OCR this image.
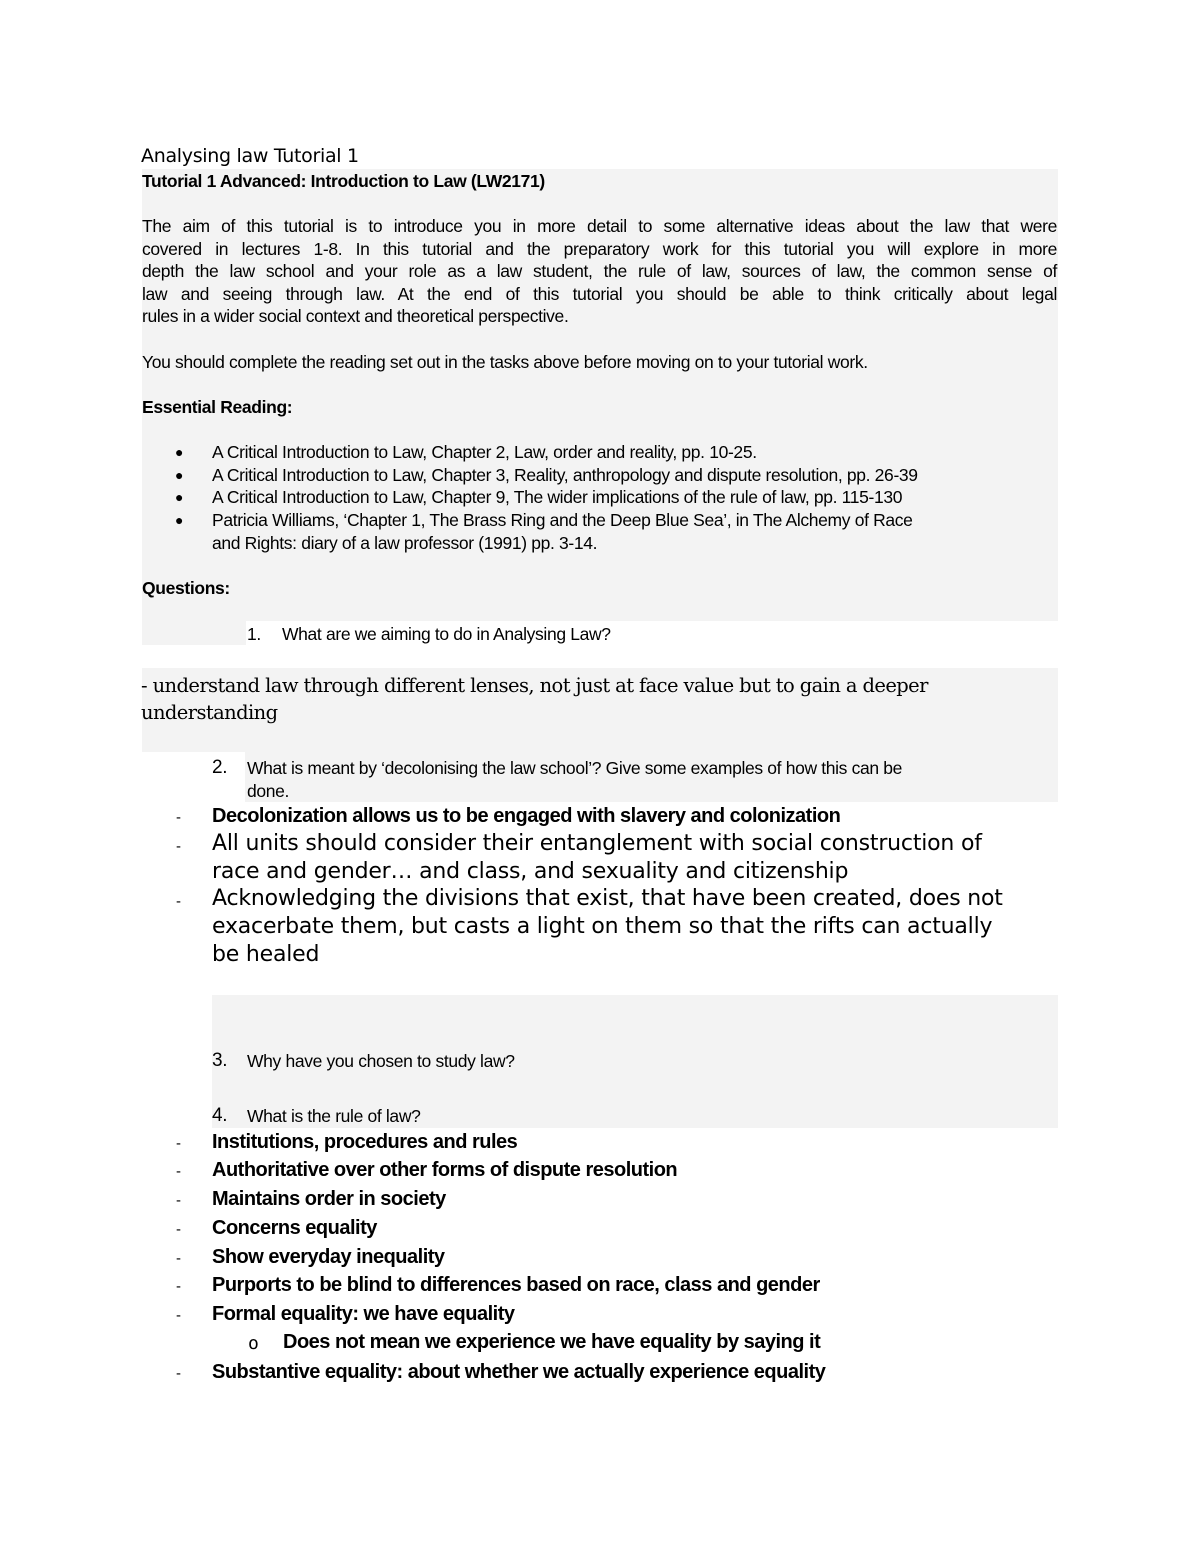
Analysing law Tutorial 1
Tutorial 1 Advanced: Introduction to Law (LW2171)
The aim of this tutorial is to introduce you in more detail to some alternative ideas about the law that were
covered in lectures 1-8. In this tutorial and the preparatory work for this tutorial you will explore in more
depth the law school and your role as a law student, the rule of law, sources of law, the common sense of
law and seeing through law. At the end of this tutorial you should be able to think critically about legal
rules in a wider social context and theoretical perspective.
You should complete the reading set out in the tasks above before moving on to your tutorial work.
Essential Reading:
● A Critical Introduction to Law, Chapter 2, Law, order and reality, pp. 10-25.
● A Critical Introduction to Law, Chapter 3, Reality, anthropology and dispute resolution, pp. 26-39
● A Critical Introduction to Law, Chapter 9, The wider implications of the rule of law, pp. 115-130
● Patricia Williams, ‘Chapter 1, The Brass Ring and the Deep Blue Sea’, in The Alchemy of Race
and Rights: diary of a law professor (1991) pp. 3-14.
Questions:
1. What are we aiming to do in Analysing Law?
- understand law through different lenses, not just at face value but to gain a deeper
understanding
2. What is meant by ‘decolonising the law school’? Give some examples of how this can be
done.
- Decolonization allows us to be engaged with slavery and colonization
- All units should consider their entanglement with social construction of
race and gender… and class, and sexuality and citizenship
- Acknowledging the divisions that exist, that have been created, does not
exacerbate them, but casts a light on them so that the rifts can actually
be healed
3. Why have you chosen to study law?
4. What is the rule of law?
- Institutions, procedures and rules
- Authoritative over other forms of dispute resolution
- Maintains order in society
- Concerns equality
- Show everyday inequality
- Purports to be blind to differences based on race, class and gender
- Formal equality: we have equality
o Does not mean we experience we have equality by saying it
- Substantive equality: about whether we actually experience equality
